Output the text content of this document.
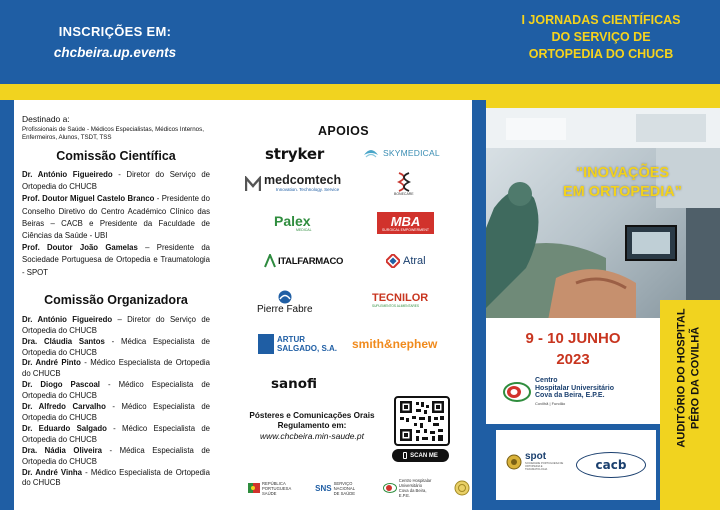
INSCRIÇÕES EM:
chcbeira.up.events
I JORNADAS CIENTÍFICAS
DO SERVIÇO DE
ORTOPEDIA DO CHUCB
Destinado a:
Profissionais de Saúde - Médicos Especialistas, Médicos Internos, Enfermeiros, Alunos, TSDT, TSS
Comissão Científica
Dr. António Figueiredo - Diretor do Serviço de Ortopedia do CHUCB
Prof. Doutor Miguel Castelo Branco - Presidente do Conselho Diretivo do Centro Académico Clínico das Beiras – CACB e Presidente da Faculdade de Ciências da Saúde - UBI
Prof. Doutor João Gamelas – Presidente da Sociedade Portuguesa de Ortopedia e Traumatologia - SPOT
Comissão Organizadora

Dr. António Figueiredo – Diretor do Serviço de Ortopedia do CHUCB

Dra. Cláudia Santos - Médica Especialista de Ortopedia do CHUCB

Dr. André Pinto - Médico Especialista de Ortopedia do CHUCB

Dr. Diogo Pascoal - Médico Especialista de Ortopedia do CHUCB

Dr. Alfredo Carvalho - Médico Especialista de Ortopedia do CHUCB

Dr. Eduardo Salgado - Médico Especialista de Ortopedia do CHUCB

Dra. Nádia Oliveira - Médica Especialista de Ortopedia do CHUCB

Dr. André Vinha - Médico Especialista de Ortopedia do CHUCB

APOIOS
stryker	SKYMEDICAL
medcomtech
Innovation. Technology. Service
BONECARE
Palex
MEDICAL
MBA
SURGICAL EMPOWERMENT
ITALFARMACO	Atral
Pierre Fabre
TECNILOR
SUPLEMENTOS ALIMENTARES
ARTUR SALGADO, S.A. smith&nephew
sanofi
Pósteres e Comunicações Orais
Regulamento em:
www.chcbeira.min-saude.pt
SCAN ME
REPÚBLICA PORTUGUESA
SAÚDE
SNS
SERVIÇO NACIONAL DE SAÚDE
Centro Hospitalar Universitário Cova da Beira, E.P.E.
“INOVAÇÕES
EM ORTOPEDIA”
9 - 10 JUNHO
2023
Centro
Hospitalar Universitário
Cova da Beira, E.P.E.
Covilhã | Fundão	AUDITÓRIO DO HOSPITAL PÊRO DA COVILHÃ
spot
SOCIEDADE PORTUGUESA DE ORTOPEDIA E TRAUMATOLOGIA	cacb
